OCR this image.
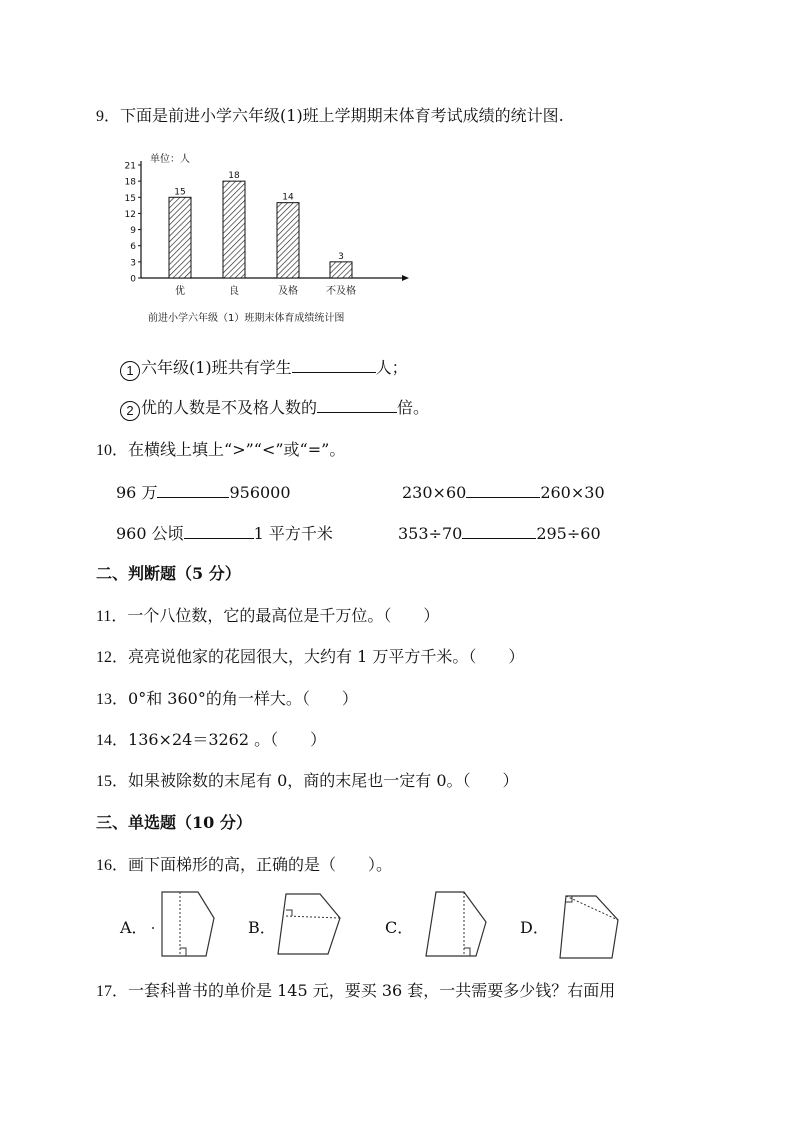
9．下面是前进小学六年级(1)班上学期期末体育考试成绩的统计图.
0
3
6
9
12
15
18
21
15
优
18
良
14
及格
3
不及格
单位：人
前进小学六年级（1）班期末体育成绩统计图
1 六年级(1)班共有学生	人；
2 优的人数是不及格人数的	倍。
10．在横线上填上“>”“<”或“=”。
96 万	956000	230×60	260×30
960 公顷	1 平方千米	353÷70	295÷60
二、判断题（5 分）
11．一个八位数，它的最高位是千万位。（　　）
12．亮亮说他家的花园很大，大约有 1 万平方千米。（　　）
13．0°和 360°的角一样大。（　　）
14．136×24＝3262 。（　　）
15．如果被除数的末尾有 0，商的末尾也一定有 0。（　　）
三、单选题（10 分）
16．画下面梯形的高，正确的是（　　）。
A．	B．	C．	D．
17．一套科普书的单价是 145 元，要买 36 套，一共需要多少钱？右面用
